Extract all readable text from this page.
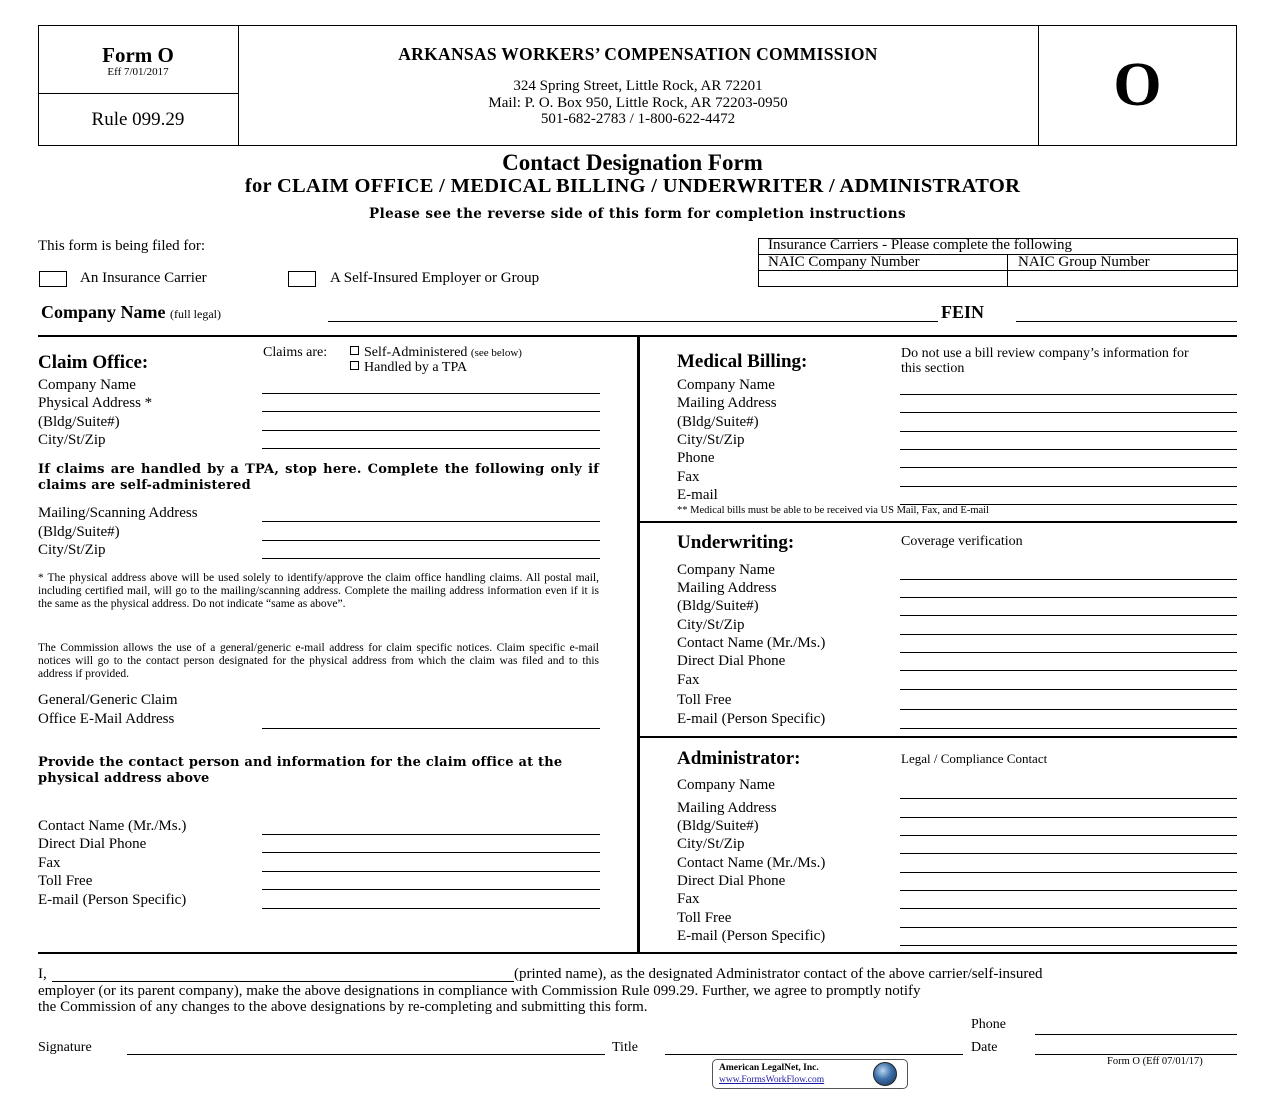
Form O
Eff 7/01/2017
Rule 099.29
ARKANSAS WORKERS’ COMPENSATION COMMISSION
324 Spring Street, Little Rock, AR 72201
Mail: P. O. Box 950, Little Rock, AR 72203-0950
501-682-2783 / 1-800-622-4472	O
Contact Designation Form
for CLAIM OFFICE / MEDICAL BILLING / UNDERWRITER / ADMINISTRATOR
Please see the reverse side of this form for completion instructions
This form is being filed for:
An Insurance Carrier	A Self-Insured Employer or Group
Insurance Carriers - Please complete the following
NAIC Company Number	NAIC Group Number
Company Name (full legal)	FEIN
Claim Office:	Claims are:	Self-Administered (see below)
Handled by a TPA
Company Name
Physical Address *
(Bldg/Suite#)
City/St/Zip
If claims are handled by a TPA, stop here. Complete the following only if claims are self-administered
Mailing/Scanning Address
(Bldg/Suite#)
City/St/Zip
* The physical address above will be used solely to identify/approve the claim office handling claims. All postal mail, including certified mail, will go to the mailing/scanning address. Complete the mailing address information even if it is the same as the physical address. Do not indicate “same as above”.
The Commission allows the use of a general/generic e-mail address for claim specific notices. Claim specific e-mail notices will go to the contact person designated for the physical address from which the claim was filed and to this address if provided.
General/Generic Claim
Office E-Mail Address
Provide the contact person and information for the claim office at the physical address above
Contact Name (Mr./Ms.)
Direct Dial Phone
Fax
Toll Free
E-mail (Person Specific)
Medical Billing:	Do not use a bill review company’s information for this section
Company Name
Mailing Address
(Bldg/Suite#)
City/St/Zip
Phone
Fax
E-mail
** Medical bills must be able to be received via US Mail, Fax, and E-mail
Underwriting:	Coverage verification
Company Name
Mailing Address
(Bldg/Suite#)
City/St/Zip
Contact Name (Mr./Ms.)
Direct Dial Phone
Fax
Toll Free
E-mail (Person Specific)
Administrator:	Legal / Compliance Contact
Company Name
Mailing Address
(Bldg/Suite#)
City/St/Zip
Contact Name (Mr./Ms.)
Direct Dial Phone
Fax
Toll Free
E-mail (Person Specific)
I,	(printed name), as the designated Administrator contact of the above carrier/self-insured
employer (or its parent company), make the above designations in compliance with Commission Rule 099.29. Further, we agree to promptly notify
the Commission of any changes to the above designations by re-completing and submitting this form.
Phone
Signature	Title	Date
American LegalNet, Inc.
www.FormsWorkFlow.com
Form O (Eff 07/01/17)
